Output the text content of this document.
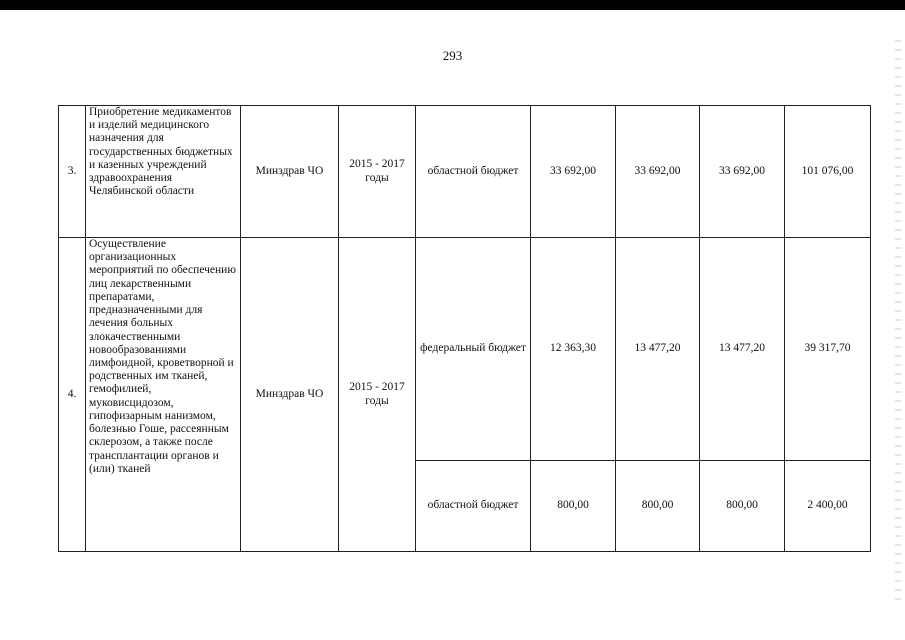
293
3.	Приобретение медикаментов и изделий медицинского назначения для государственных бюджетных и казенных учреждений здравоохранения Челябинской области	Минздрав ЧО	2015 - 2017 годы	областной бюджет	33 692,00	33 692,00	33 692,00	101 076,00
4.	Осуществление организационных мероприятий по обеспечению лиц лекарственными препаратами, предназначенными для лечения больных злокачественными новообразованиями лимфоидной, кроветворной и родственных им тканей, гемофилией, муковисцидозом, гипофизарным нанизмом, болезнью Гоше, рассеянным склерозом, а также после трансплантации органов и (или) тканей	Минздрав ЧО	2015 - 2017 годы	федеральный бюджет	12 363,30	13 477,20	13 477,20	39 317,70
				областной бюджет	800,00	800,00	800,00	2 400,00
